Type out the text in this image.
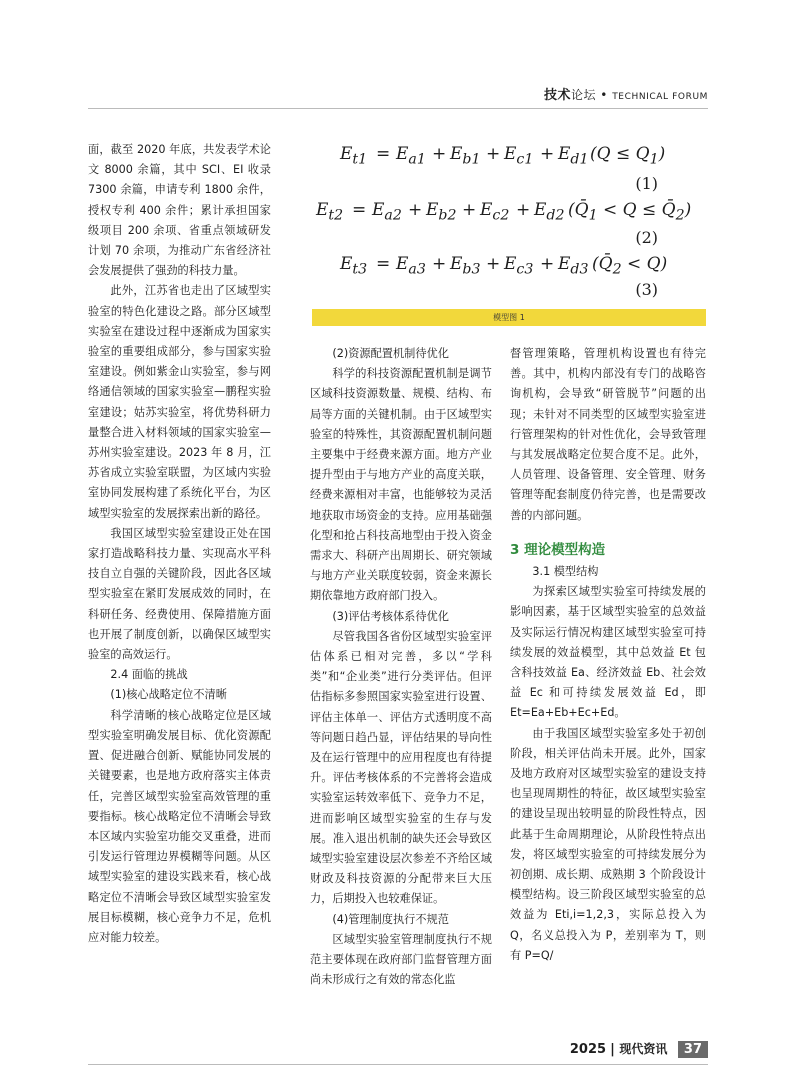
技术论坛 • TECHNICAL FORUM

面，截至 2020 年底，共发表学术论文 8000 余篇，其中 SCI、EI 收录 7300 余篇，申请专利 1800 余件，授权专利 400 余件；累计承担国家级项目 200 余项、省重点领域研发计划 70 余项，为推动广东省经济社会发展提供了强劲的科技力量。

此外，江苏省也走出了区域型实验室的特色化建设之路。部分区域型实验室在建设过程中逐渐成为国家实验室的重要组成部分，参与国家实验室建设。例如紫金山实验室，参与网络通信领域的国家实验室—鹏程实验室建设；姑苏实验室，将优势科研力量整合进入材料领域的国家实验室—苏州实验室建设。2023 年 8 月，江苏省成立实验室联盟，为区域内实验室协同发展构建了系统化平台，为区域型实验室的发展探索出新的路径。

我国区域型实验室建设正处在国家打造战略科技力量、实现高水平科技自立自强的关键阶段，因此各区域型实验室在紧盯发展成效的同时，在科研任务、经费使用、保障措施方面也开展了制度创新，以确保区域型实验室的高效运行。

2.4 面临的挑战

(1)核心战略定位不清晰

科学清晰的核心战略定位是区域型实验室明确发展目标、优化资源配置、促进融合创新、赋能协同发展的关键要素，也是地方政府落实主体责任，完善区域型实验室高效管理的重要指标。核心战略定位不清晰会导致本区域内实验室功能交叉重叠，进而引发运行管理边界模糊等问题。从区域型实验室的建设实践来看，核心战略定位不清晰会导致区域型实验室发展目标模糊，核心竞争力不足，危机应对能力较差。

$E_{t1} = E_{a1} + E_{b1} + E_{c1} + E_{d1}$ $(Q \le Q_1)$
(1)
$E_{t2} = E_{a2} + E_{b2} + E_{c2} + E_{d2}$ ($Q̄_1 < Q$ ≤ $Q̄_2$)
(2)
$E_{t3} = E_{a3} + E_{b3} + E_{c3} + E_{d3}$ $(Q̄_2 < Q)$
(3)
模型图 1

(2)资源配置机制待优化

科学的科技资源配置机制是调节区域科技资源数量、规模、结构、布局等方面的关键机制。由于区域型实验室的特殊性，其资源配置机制问题主要集中于经费来源方面。地方产业提升型由于与地方产业的高度关联，经费来源相对丰富，也能够较为灵活地获取市场资金的支持。应用基础强化型和抢占科技高地型由于投入资金需求大、科研产出周期长、研究领域与地方产业关联度较弱，资金来源长期依靠地方政府部门投入。

(3)评估考核体系待优化

尽管我国各省份区域型实验室评估体系已相对完善，多以“学科类”和“企业类”进行分类评估。但评估指标多参照国家实验室进行设置、评估主体单一、评估方式透明度不高等问题日趋凸显，评估结果的导向性及在运行管理中的应用程度也有待提升。评估考核体系的不完善将会造成实验室运转效率低下、竞争力不足，进而影响区域型实验室的生存与发展。准入退出机制的缺失还会导致区域型实验室建设层次参差不齐给区域财政及科技资源的分配带来巨大压力，后期投入也较难保证。

(4)管理制度执行不规范

区域型实验室管理制度执行不规范主要体现在政府部门监督管理方面尚未形成行之有效的常态化监

督管理策略，管理机构设置也有待完善。其中，机构内部没有专门的战略咨询机构，会导致“研管脱节”问题的出现；未针对不同类型的区域型实验室进行管理架构的针对性优化，会导致管理与其发展战略定位契合度不足。此外，人员管理、设备管理、安全管理、财务管理等配套制度仍待完善，也是需要改善的内部问题。

3 理论模型构造

3.1 模型结构

为探索区域型实验室可持续发展的影响因素，基于区域型实验室的总效益及实际运行情况构建区域型实验室可持续发展的效益模型，其中总效益 Et 包含科技效益 Ea、经济效益 Eb、社会效益 Ec 和可持续发展效益 Ed，即 Et=Ea+Eb+Ec+Ed。

由于我国区域型实验室多处于初创阶段，相关评估尚未开展。此外，国家及地方政府对区域型实验室的建设支持也呈现周期性的特征，故区域型实验室的建设呈现出较明显的阶段性特点，因此基于生命周期理论，从阶段性特点出发，将区域型实验室的可持续发展分为初创期、成长期、成熟期 3 个阶段设计模型结构。设三阶段区域型实验室的总效益为 Eti,i=1,2,3，实际总投入为 Q，名义总投入为 P，差别率为 T，则有 P=Q/

2025 | 现代资讯 37
